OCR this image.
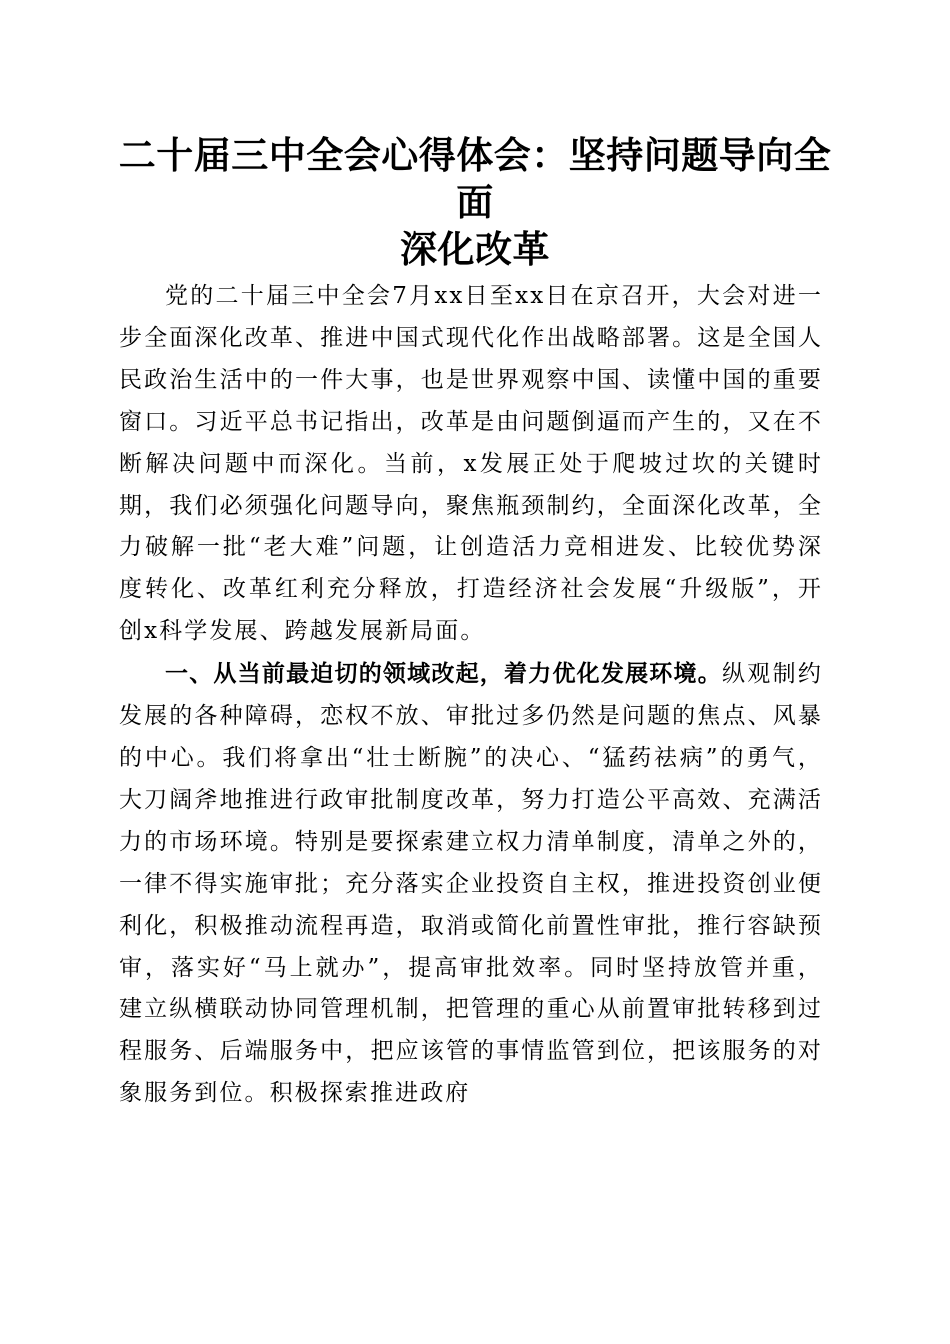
二十届三中全会心得体会：坚持问题导向全面
深化改革

党的二十届三中全会7月xx日至xx日在京召开，大会对进一步全面深化改革、推进中国式现代化作出战略部署。这是全国人民政治生活中的一件大事，也是世界观察中国、读懂中国的重要窗口。习近平总书记指出，改革是由问题倒逼而产生的，又在不断解决问题中而深化。当前，x发展正处于爬坡过坎的关键时期，我们必须强化问题导向，聚焦瓶颈制约，全面深化改革，全力破解一批“老大难”问题，让创造活力竞相进发、比较优势深度转化、改革红利充分释放，打造经济社会发展“升级版”，开创x科学发展、跨越发展新局面。

一、从当前最迫切的领域改起，着力优化发展环境。纵观制约发展的各种障碍，恋权不放、审批过多仍然是问题的焦点、风暴的中心。我们将拿出“壮士断腕”的决心、“猛药祛病”的勇气，大刀阔斧地推进行政审批制度改革，努力打造公平高效、充满活力的市场环境。特别是要探索建立权力清单制度，清单之外的，一律不得实施审批；充分落实企业投资自主权，推进投资创业便利化，积极推动流程再造，取消或简化前置性审批，推行容缺预审，落实好“马上就办”，提高审批效率。同时坚持放管并重，建立纵横联动协同管理机制，把管理的重心从前置审批转移到过程服务、后端服务中，把应该管的事情监管到位，把该服务的对象服务到位。积极探索推进政府
